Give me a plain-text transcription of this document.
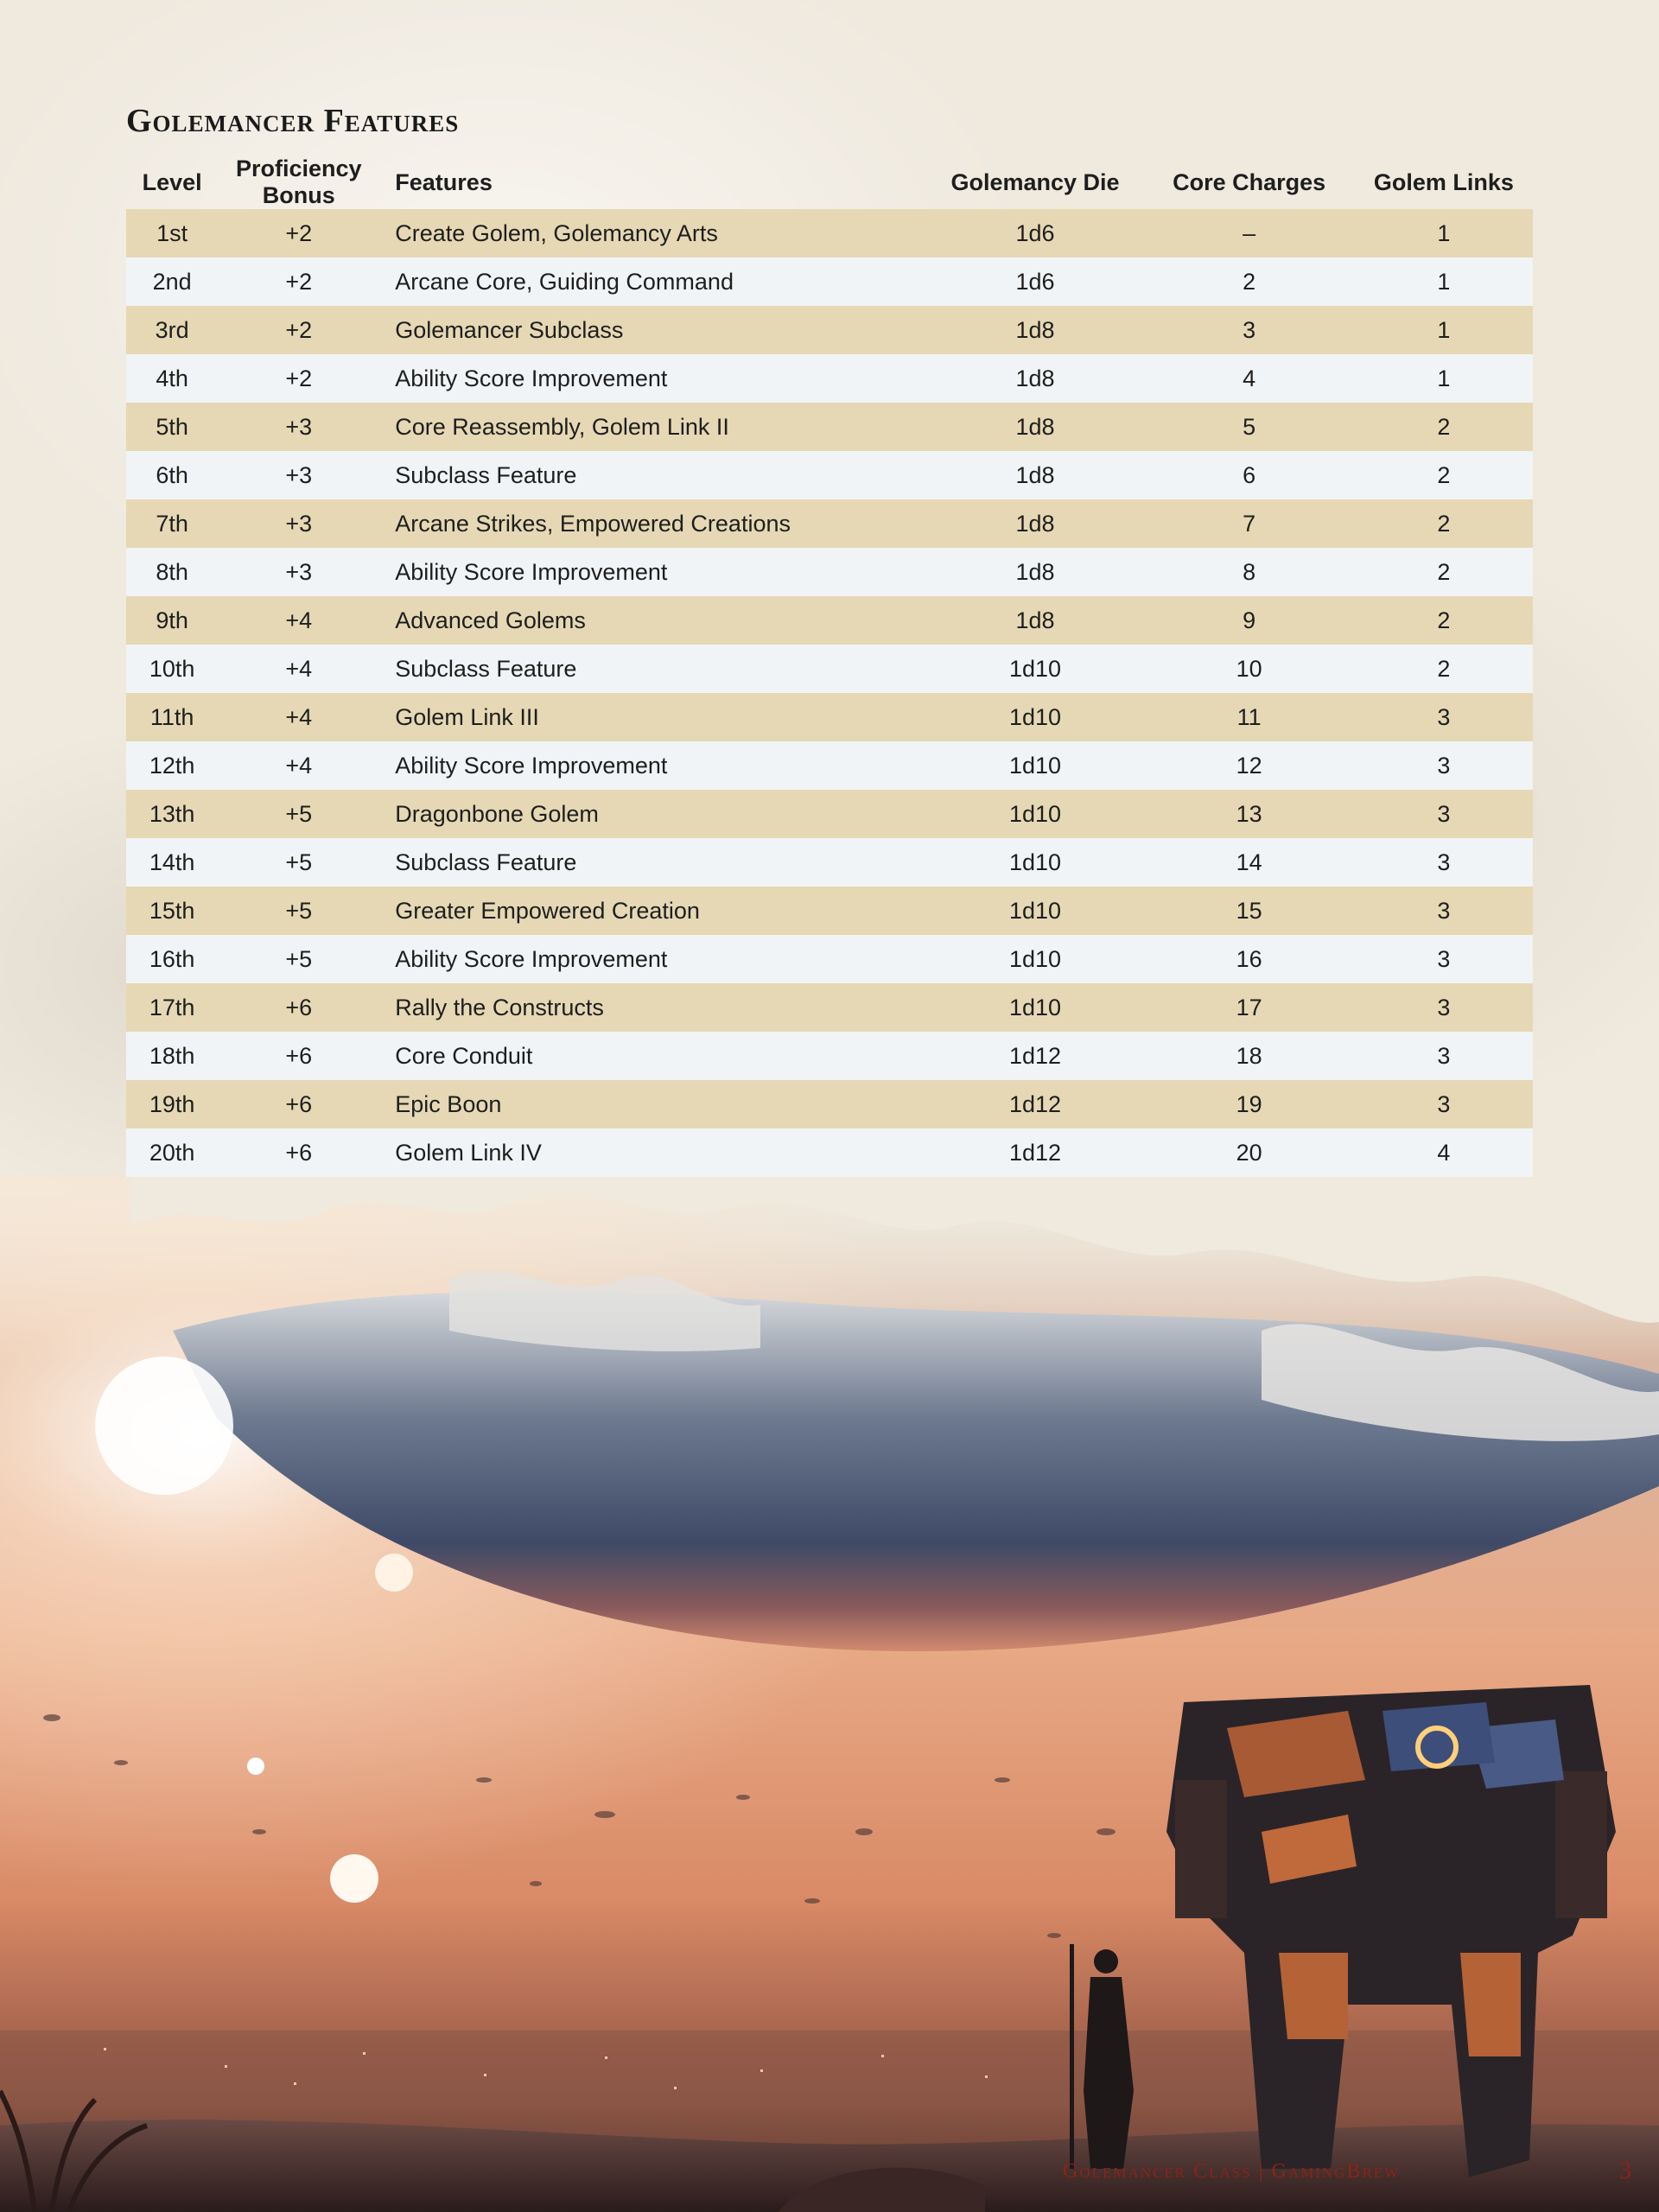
Golemancer Features
Level	Proficiency Bonus	Features	Golemancy Die	Core Charges	Golem Links
1st	+2	Create Golem, Golemancy Arts	1d6	–	1
2nd	+2	Arcane Core, Guiding Command	1d6	2	1
3rd	+2	Golemancer Subclass	1d8	3	1
4th	+2	Ability Score Improvement	1d8	4	1
5th	+3	Core Reassembly, Golem Link II	1d8	5	2
6th	+3	Subclass Feature	1d8	6	2
7th	+3	Arcane Strikes, Empowered Creations	1d8	7	2
8th	+3	Ability Score Improvement	1d8	8	2
9th	+4	Advanced Golems	1d8	9	2
10th	+4	Subclass Feature	1d10	10	2
11th	+4	Golem Link III	1d10	11	3
12th	+4	Ability Score Improvement	1d10	12	3
13th	+5	Dragonbone Golem	1d10	13	3
14th	+5	Subclass Feature	1d10	14	3
15th	+5	Greater Empowered Creation	1d10	15	3
16th	+5	Ability Score Improvement	1d10	16	3
17th	+6	Rally the Constructs	1d10	17	3
18th	+6	Core Conduit	1d12	18	3
19th	+6	Epic Boon	1d12	19	3
20th	+6	Golem Link IV	1d12	20	4
Golemancer Class | GamingBrew	3
